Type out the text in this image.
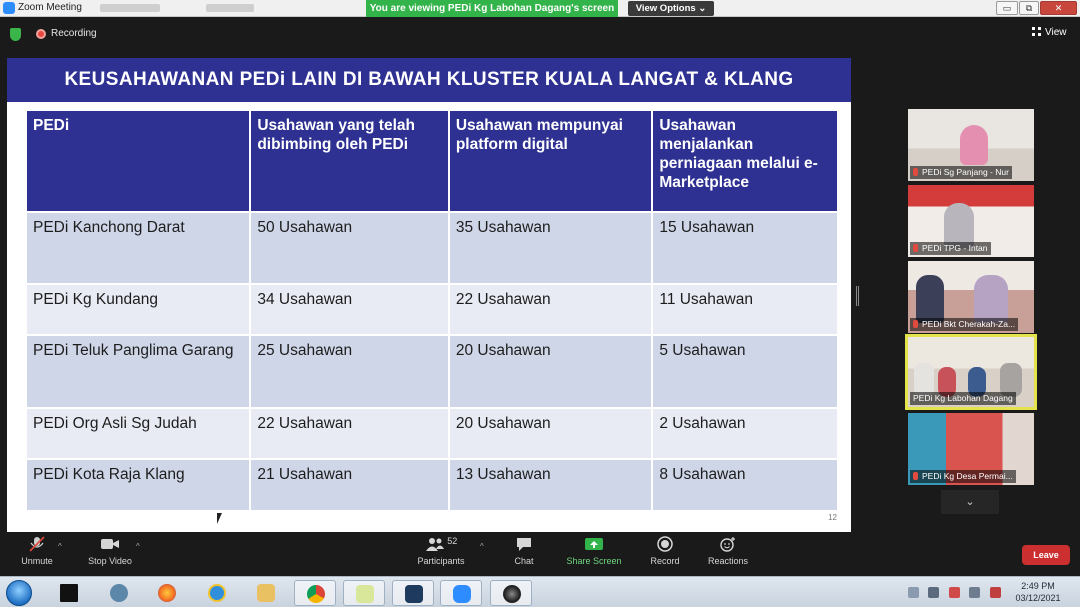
Zoom Meeting	You are viewing PEDi Kg Labohan Dagang's screen	View Options ⌄	▭	⧉	✕
Recording	View
KEUSAHAWANAN PEDi LAIN DI BAWAH KLUSTER KUALA LANGAT & KLANG
PEDi	Usahawan yang telah dibimbing oleh PEDi	Usahawan mempunyai platform digital	Usahawan menjalankan perniagaan melalui e-Marketplace
PEDi Kanchong Darat	50 Usahawan	35 Usahawan	15 Usahawan
PEDi Kg Kundang	34 Usahawan	22 Usahawan	11 Usahawan
PEDi Teluk Panglima Garang	25 Usahawan	20 Usahawan	5 Usahawan
PEDi Org Asli Sg Judah	22 Usahawan	20 Usahawan	2 Usahawan
PEDi Kota Raja Klang	21 Usahawan	13 Usahawan	8 Usahawan
12
PEDi Sg Panjang - Nur
PEDi TPG - Intan
PEDi Bkt Cherakah-Za...
PEDi Kg Labohan Dagang
PEDi Kg Desa Permai...
⌄
Unmute
^
Stop Video
^
52
Participants
^
Chat	Share Screen	Record	Reactions
Leave

2:49 PM
03/12/2021
